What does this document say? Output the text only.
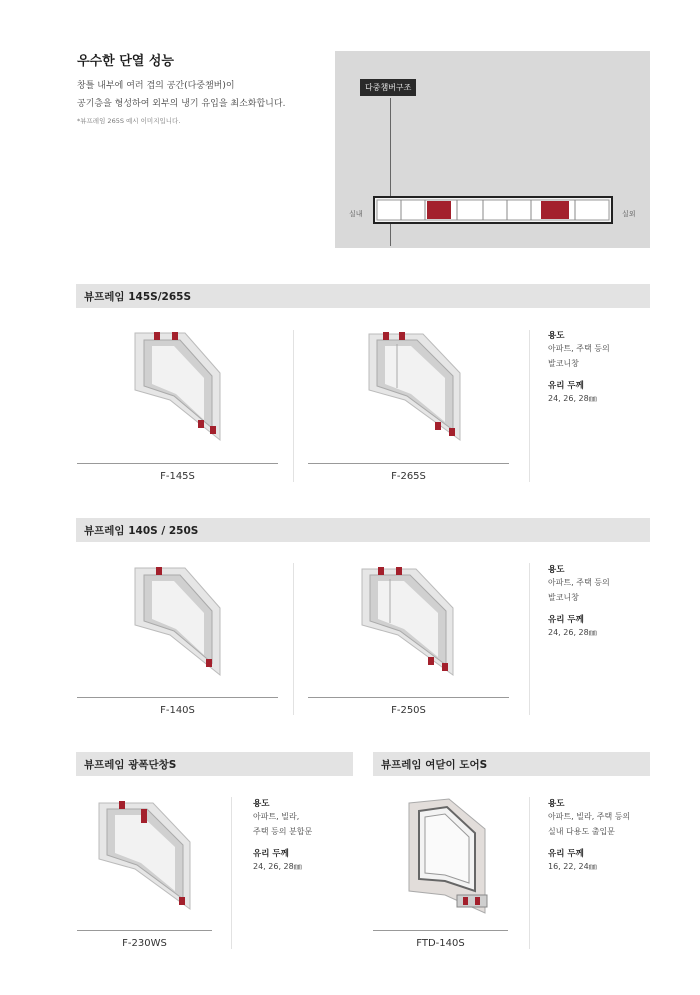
우수한 단열 성능
창틀 내부에 여러 겹의 공간(다중챔버)이
공기층을 형성하여 외부의 냉기 유입을 최소화합니다.
*뷰프레임 265S 예시 이미지입니다.
다중챔버구조
실내	실외
뷰프레임 145S/265S
F-145S	F-265S
용도
아파트, 주택 등의
발코니창
유리 두께
24, 26, 28㎜
뷰프레임 140S / 250S
F-140S	F-250S
용도
아파트, 주택 등의
발코니창
유리 두께
24, 26, 28㎜
뷰프레임 광폭단창S
F-230WS
용도
아파트, 빌라,
주택 등의 분합문
유리 두께
24, 26, 28㎜
뷰프레임 여닫이 도어S
FTD-140S
용도
아파트, 빌라, 주택 등의
실내 다용도 출입문
유리 두께
16, 22, 24㎜
